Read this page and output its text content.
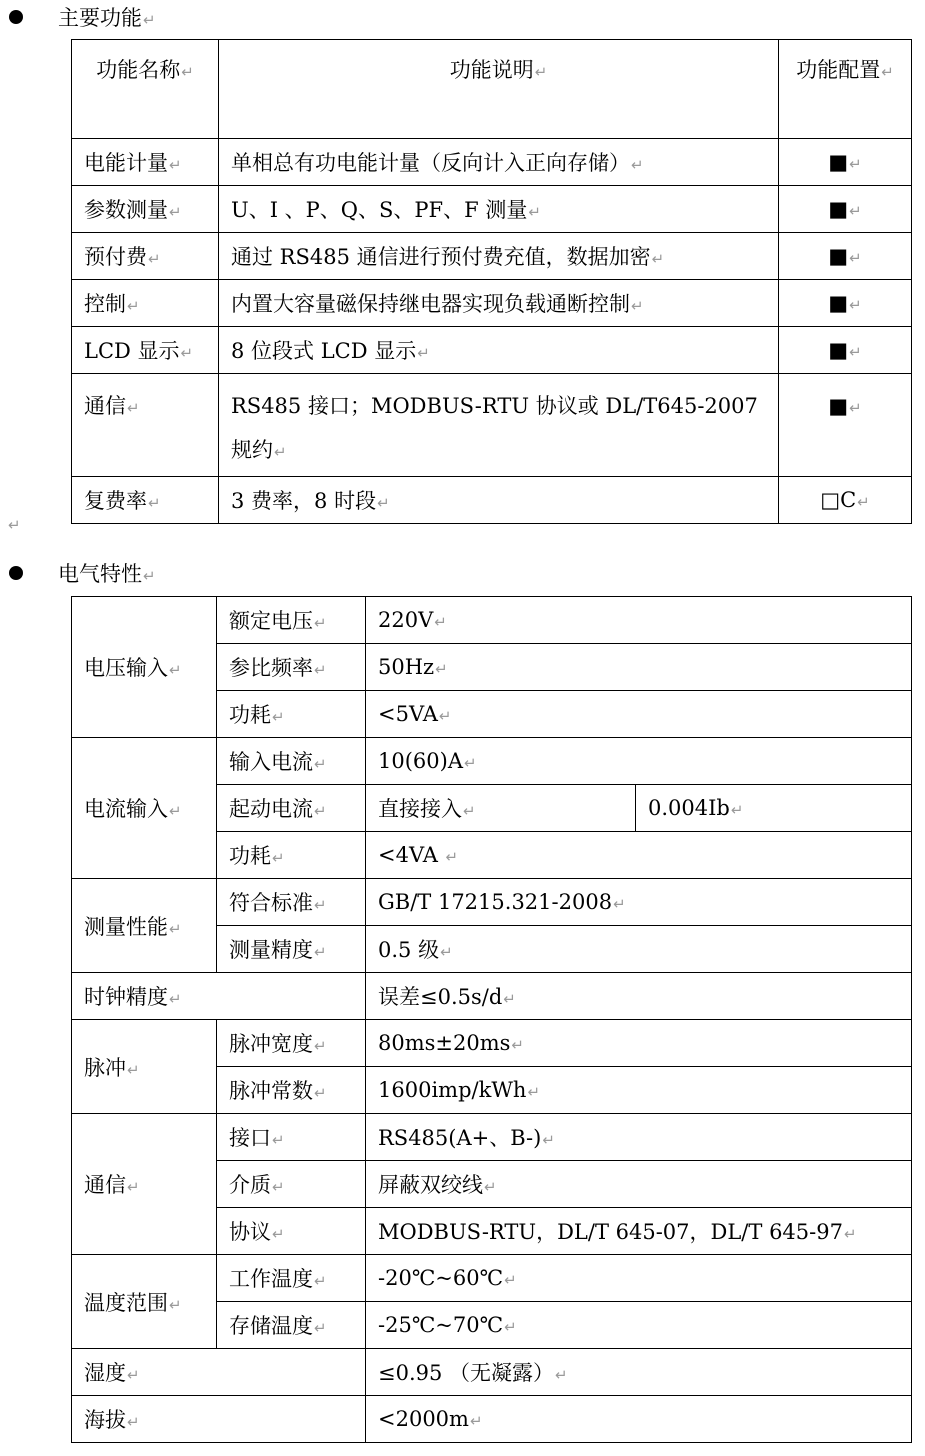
主要功能↵
功能名称↵	功能说明↵	功能配置↵
电能计量↵	单相总有功电能计量（反向计入正向存储）↵	■↵
参数测量↵	U、I 、P、Q、S、PF、F 测量↵	■↵
预付费↵	通过 RS485 通信进行预付费充值，数据加密↵	■↵
控制↵	内置大容量磁保持继电器实现负载通断控制↵	■↵
LCD 显示↵	8 位段式 LCD 显示↵	■↵
通信↵	RS485 接口；MODBUS-RTU 协议或 DL/T645-2007 规约↵	■↵
复费率↵	3 费率，8 时段↵	□C↵
↵
电气特性↵
电压输入↵	额定电压↵	220V↵	
	参比频率↵	50Hz↵	
	功耗↵	<5VA↵	
电流输入↵	输入电流↵	10(60)A↵	
	起动电流↵	直接接入↵	0.004Ib↵
	功耗↵	<4VA ↵	
测量性能↵	符合标准↵	GB/T 17215.321-2008↵	
	测量精度↵	0.5 级↵	
时钟精度↵		误差≤0.5s/d↵	
脉冲↵	脉冲宽度↵	80ms±20ms↵	
	脉冲常数↵	1600imp/kWh↵	
通信↵	接口↵	RS485(A+、B-)↵	
	介质↵	屏蔽双绞线↵	
	协议↵	MODBUS-RTU，DL/T 645-07，DL/T 645-97↵	
温度范围↵	工作温度↵	-20℃~60℃↵	
	存储温度↵	-25℃~70℃↵	
湿度↵		≤0.95 （无凝露）↵	
海拔↵		<2000m↵	
